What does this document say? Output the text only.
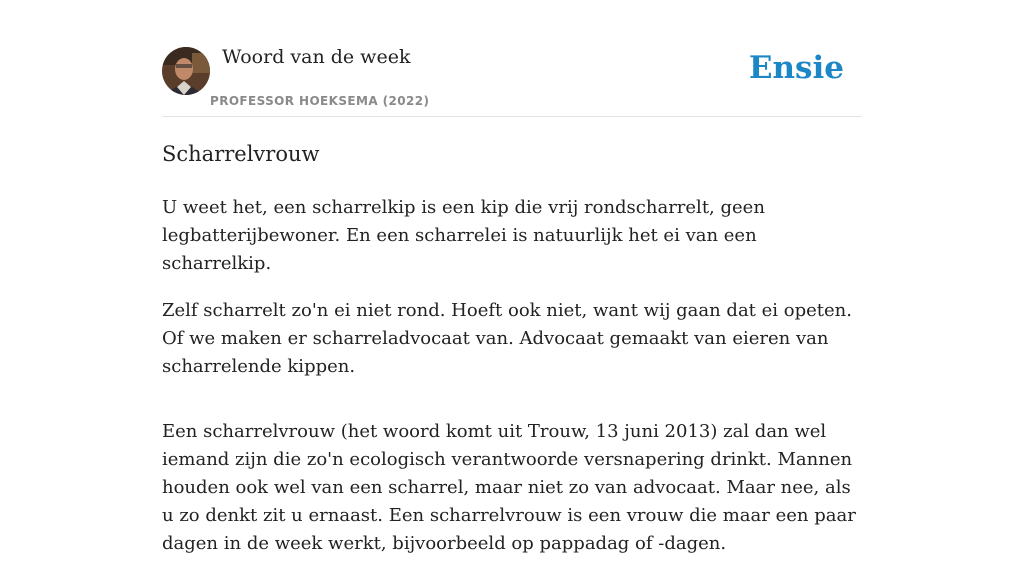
Woord van de week
PROFESSOR HOEKSEMA (2022)
Ensie
Scharrelvrouw

U weet het, een scharrelkip is een kip die vrij rondscharrelt, geen legbatterijbewoner. En een scharrelei is natuurlijk het ei van een scharrelkip.

Zelf scharrelt zo'n ei niet rond. Hoeft ook niet, want wij gaan dat ei opeten. Of we maken er scharreladvocaat van. Advocaat gemaakt van eieren van scharrelende kippen.

Een scharrelvrouw (het woord komt uit Trouw, 13 juni 2013) zal dan wel iemand zijn die zo'n ecologisch verantwoorde versnapering drinkt. Mannen houden ook wel van een scharrel, maar niet zo van advocaat. Maar nee, als u zo denkt zit u ernaast. Een scharrelvrouw is een vrouw die maar een paar dagen in de week werkt, bijvoorbeeld op pappadag of -dagen.
